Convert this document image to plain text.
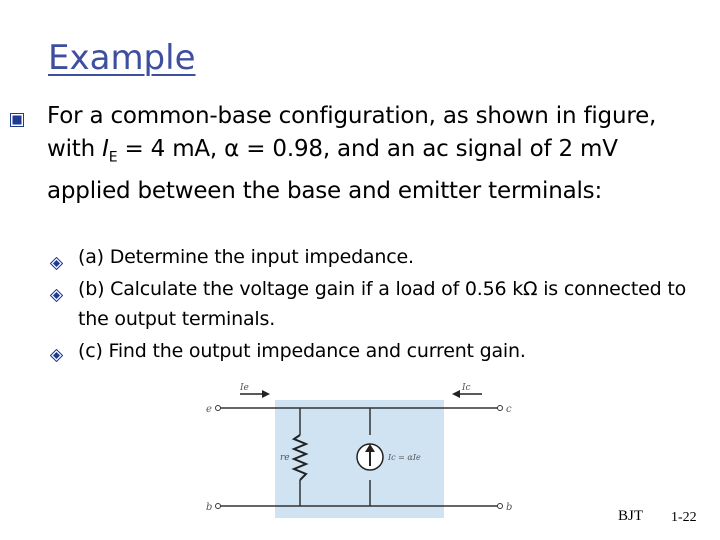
Example
For a common-base configuration, as shown in figure, with $I_E = 4$ mA, α = 0.98, and an ac signal of 2 mV applied between the base and emitter terminals:
(a) Determine the input impedance.
(b) Calculate the voltage gain if a load of 0.56 kΩ is connected to the output terminals.
(c) Find the output impedance and current gain.
Ie	Ic
re	Ic = αIe
e	c
b	b
BJT 1-22
